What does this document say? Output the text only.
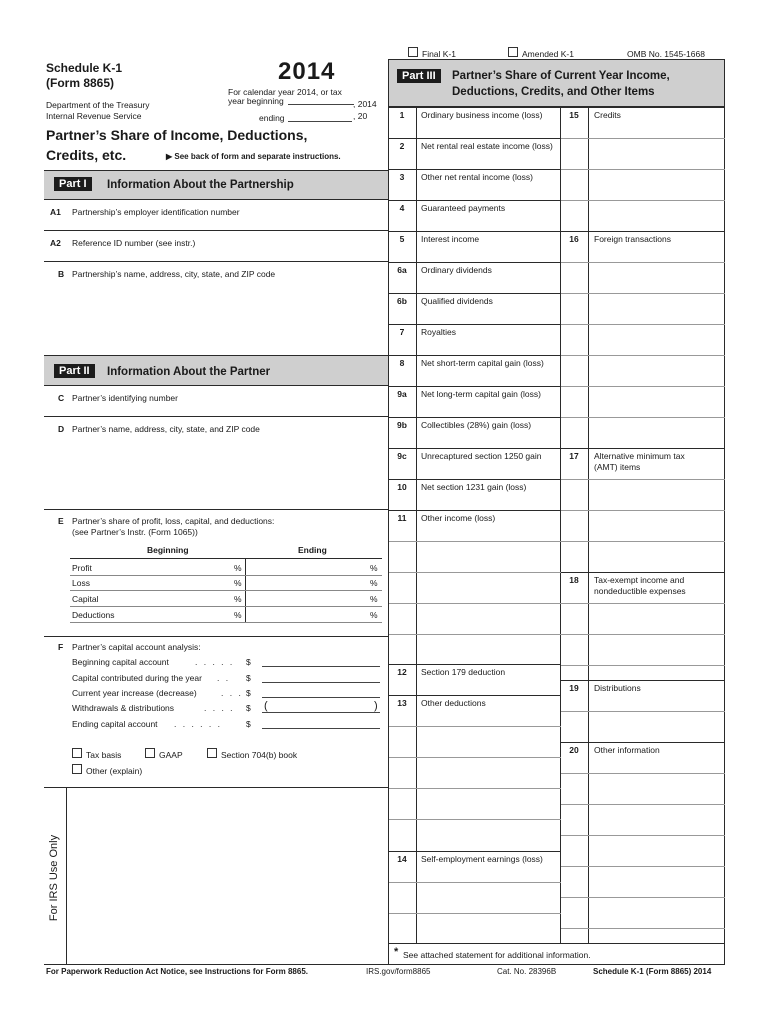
Final K-1	Amended K-1	OMB No. 1545-1668
Schedule K-1
(Form 8865)	2014
For calendar year 2014, or tax
year beginning	, 2014
ending	, 20
Department of the Treasury
Internal Revenue Service
Partner’s Share of Income, Deductions,
Credits, etc.	▶ See back of form and separate instructions.
Part I	Information About the Partnership
A1 Partnership’s employer identification number
A2 Reference ID number (see instr.)
B Partnership’s name, address, city, state, and ZIP code
Part II	Information About the Partner
C Partner’s identifying number
D Partner’s name, address, city, state, and ZIP code
E Partner’s share of profit, loss, capital, and deductions:
(see Partner’s Instr. (Form 1065))
Beginning	Ending
Profit	%	%
Loss	%	%
Capital	%	%
Deductions	%	%
F Partner’s capital account analysis:
Beginning capital account	. . . . . $
Capital contributed during the year . . $
Current year increase (decrease)	. . . $
Withdrawals & distributions	. . . . $
Ending capital account . . . . . .	$
(	)
Tax basis	GAAP	Section 704(b) book
Other (explain)
For IRS Use Only
Part III	Partner’s Share of Current Year Income,
Deductions, Credits, and Other Items
1	Ordinary business income (loss)
2	Net rental real estate income (loss)
3	Other net rental income (loss)
4	Guaranteed payments
5	Interest income
6a	Ordinary dividends
6b	Qualified dividends
7	Royalties
8	Net short-term capital gain (loss)
9a	Net long-term capital gain (loss)
9b	Collectibles (28%) gain (loss)
9c	Unrecaptured section 1250 gain
10	Net section 1231 gain (loss)
11	Other income (loss)
12	Section 179 deduction
13	Other deductions
14	Self-employment earnings (loss)
15	Credits
16	Foreign transactions
17	Alternative minimum tax
(AMT) items
18	Tax-exempt income and
nondeductible expenses
19	Distributions
20	Other information
* See attached statement for additional information.
For Paperwork Reduction Act Notice, see Instructions for Form 8865.	IRS.gov/form8865	Cat. No. 28396B	Schedule K-1 (Form 8865) 2014
